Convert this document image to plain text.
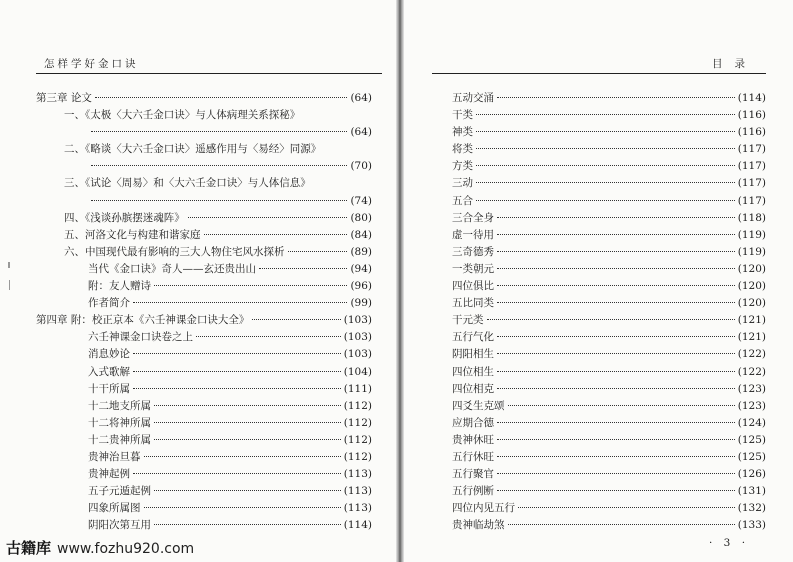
怎样学好金口诀	目录
第三章 论文	(64)
一、《太极〈大六壬金口诀〉与人体病理关系探秘》
(64)
二、《略谈〈大六壬金口诀〉遥感作用与〈易经〉同源》
(70)
三、《试论〈周易〉和〈大六壬金口诀〉与人体信息》
(74)
四、《浅谈孙膑摆迷魂阵》	(80)
五、河洛文化与构建和谐家庭	(84)
六、中国现代最有影响的三大人物住宅风水探析	(89)
当代《金口诀》奇人——玄还贵出山	(94)
附：友人赠诗	(96)
作者简介	(99)
第四章 附：校正京本《六壬神课金口诀大全》	(103)
六壬神课金口诀卷之上	(103)
消息妙论	(103)
入式歌解	(104)
十干所属	(111)
十二地支所属	(112)
十二将神所属	(112)
十二贵神所属	(112)
贵神治旦暮	(112)
贵神起例	(113)
五子元遁起例	(113)
四象所属图	(113)
阴阳次第互用	(114)
五动交涌	(114)
干类	(116)
神类	(116)
将类	(117)
方类	(117)
三动	(117)
五合	(117)
三合全身	(118)
虚一待用	(119)
三奇德秀	(119)
一类朝元	(120)
四位俱比	(120)
五比同类	(120)
干元类	(121)
五行气化	(121)
阴阳相生	(122)
四位相生	(122)
四位相克	(123)
四爻生克颂	(123)
应期合德	(124)
贵神休旺	(125)
五行休旺	(125)
五行聚官	(126)
五行例断	(131)
四位内见五行	(132)
贵神临劫煞	(133)
· 3 ·
古籍库 www.fozhu920.com
